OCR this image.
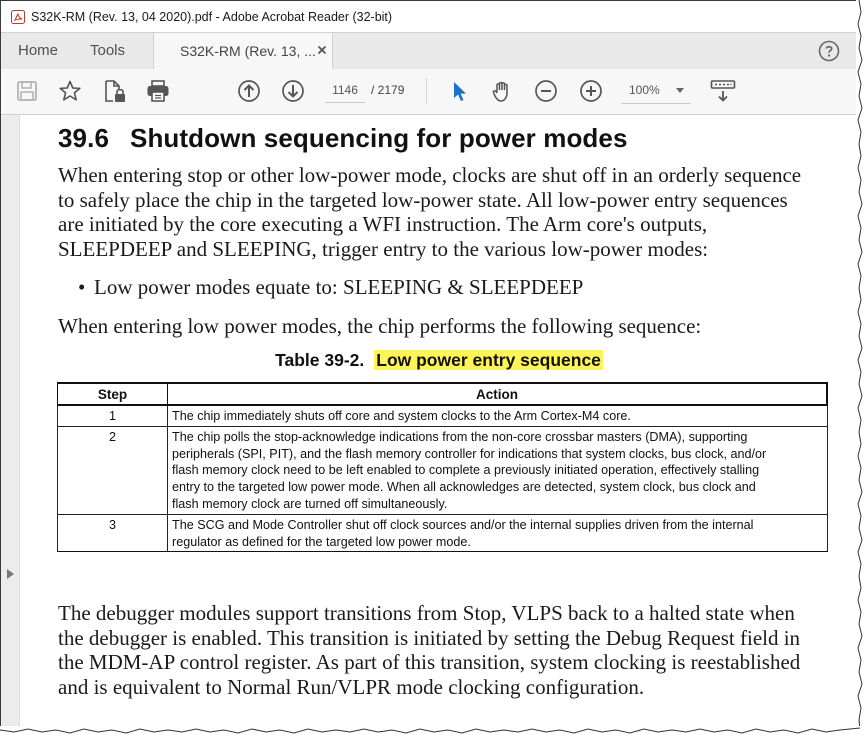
S32K-RM (Rev. 13, 04 2020).pdf - Adobe Acrobat Reader (32-bit)
Home Tools	S32K-RM (Rev. 13, ...
1146	/ 2179	100%
39.6 Shutdown sequencing for power modes
When entering stop or other low-power mode, clocks are shut off in an orderly sequence
to safely place the chip in the targeted low-power state. All low-power entry sequences
are initiated by the core executing a WFI instruction. The Arm core's outputs,
SLEEPDEEP and SLEEPING, trigger entry to the various low-power modes:
• Low power modes equate to: SLEEPING & SLEEPDEEP
When entering low power modes, the chip performs the following sequence:
Table 39-2. Low power entry sequence
Step	Action
1	The chip immediately shuts off core and system clocks to the Arm Cortex-M4 core.

2	The chip polls the stop-acknowledge indications from the non-core crossbar masters (DMA), supporting
peripherals (SPI, PIT), and the flash memory controller for indications that system clocks, bus clock, and/or
flash memory clock need to be left enabled to complete a previously initiated operation, effectively stalling
entry to the targeted low power mode. When all acknowledges are detected, system clock, bus clock and
flash memory clock are turned off simultaneously.

3	The SCG and Mode Controller shut off clock sources and/or the internal supplies driven from the internal
regulator as defined for the targeted low power mode.
The debugger modules support transitions from Stop, VLPS back to a halted state when
the debugger is enabled. This transition is initiated by setting the Debug Request field in
the MDM-AP control register. As part of this transition, system clocking is reestablished
and is equivalent to Normal Run/VLPR mode clocking configuration.
